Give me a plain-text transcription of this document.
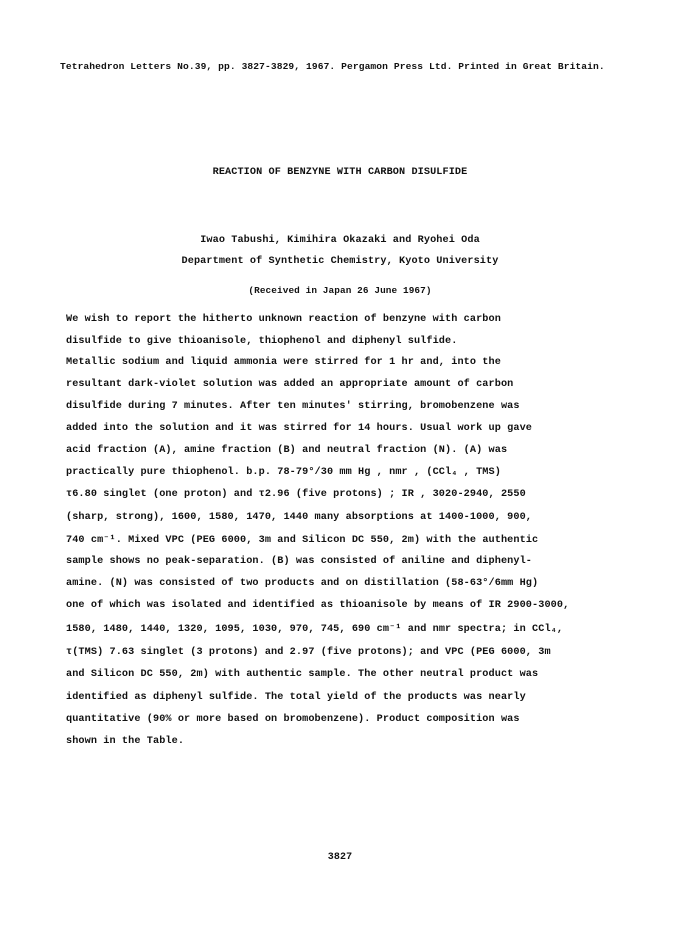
Tetrahedron Letters No.39, pp. 3827-3829, 1967. Pergamon Press Ltd. Printed in Great Britain.
REACTION OF BENZYNE WITH CARBON DISULFIDE
Iwao Tabushi, Kimihira Okazaki and Ryohei Oda
Department of Synthetic Chemistry, Kyoto University
(Received in Japan 26 June 1967)
We wish to report the hitherto unknown reaction of benzyne with carbon
disulfide to give thioanisole, thiophenol and diphenyl sulfide.
Metallic sodium and liquid ammonia were stirred for 1 hr and, into the
resultant dark-violet solution was added an appropriate amount of carbon
disulfide during 7 minutes. After ten minutes' stirring, bromobenzene was
added into the solution and it was stirred for 14 hours. Usual work up gave
acid fraction (A), amine fraction (B) and neutral fraction (N). (A) was
practically pure thiophenol. b.p. 78-79°/30 mm Hg , nmr , (CCl₄ , TMS)
τ6.80 singlet (one proton) and τ2.96 (five protons) ; IR , 3020-2940, 2550
(sharp, strong), 1600, 1580, 1470, 1440 many absorptions at 1400-1000, 900,
740 cm⁻¹. Mixed VPC (PEG 6000, 3m and Silicon DC 550, 2m) with the authentic
sample shows no peak-separation. (B) was consisted of aniline and diphenyl-
amine. (N) was consisted of two products and on distillation (58-63°/6mm Hg)
one of which was isolated and identified as thioanisole by means of IR 2900-3000,
1580, 1480, 1440, 1320, 1095, 1030, 970, 745, 690 cm⁻¹ and nmr spectra; in CCl₄,
τ(TMS) 7.63 singlet (3 protons) and 2.97 (five protons); and VPC (PEG 6000, 3m
and Silicon DC 550, 2m) with authentic sample. The other neutral product was
identified as diphenyl sulfide. The total yield of the products was nearly
quantitative (90% or more based on bromobenzene). Product composition was
shown in the Table.
3827
